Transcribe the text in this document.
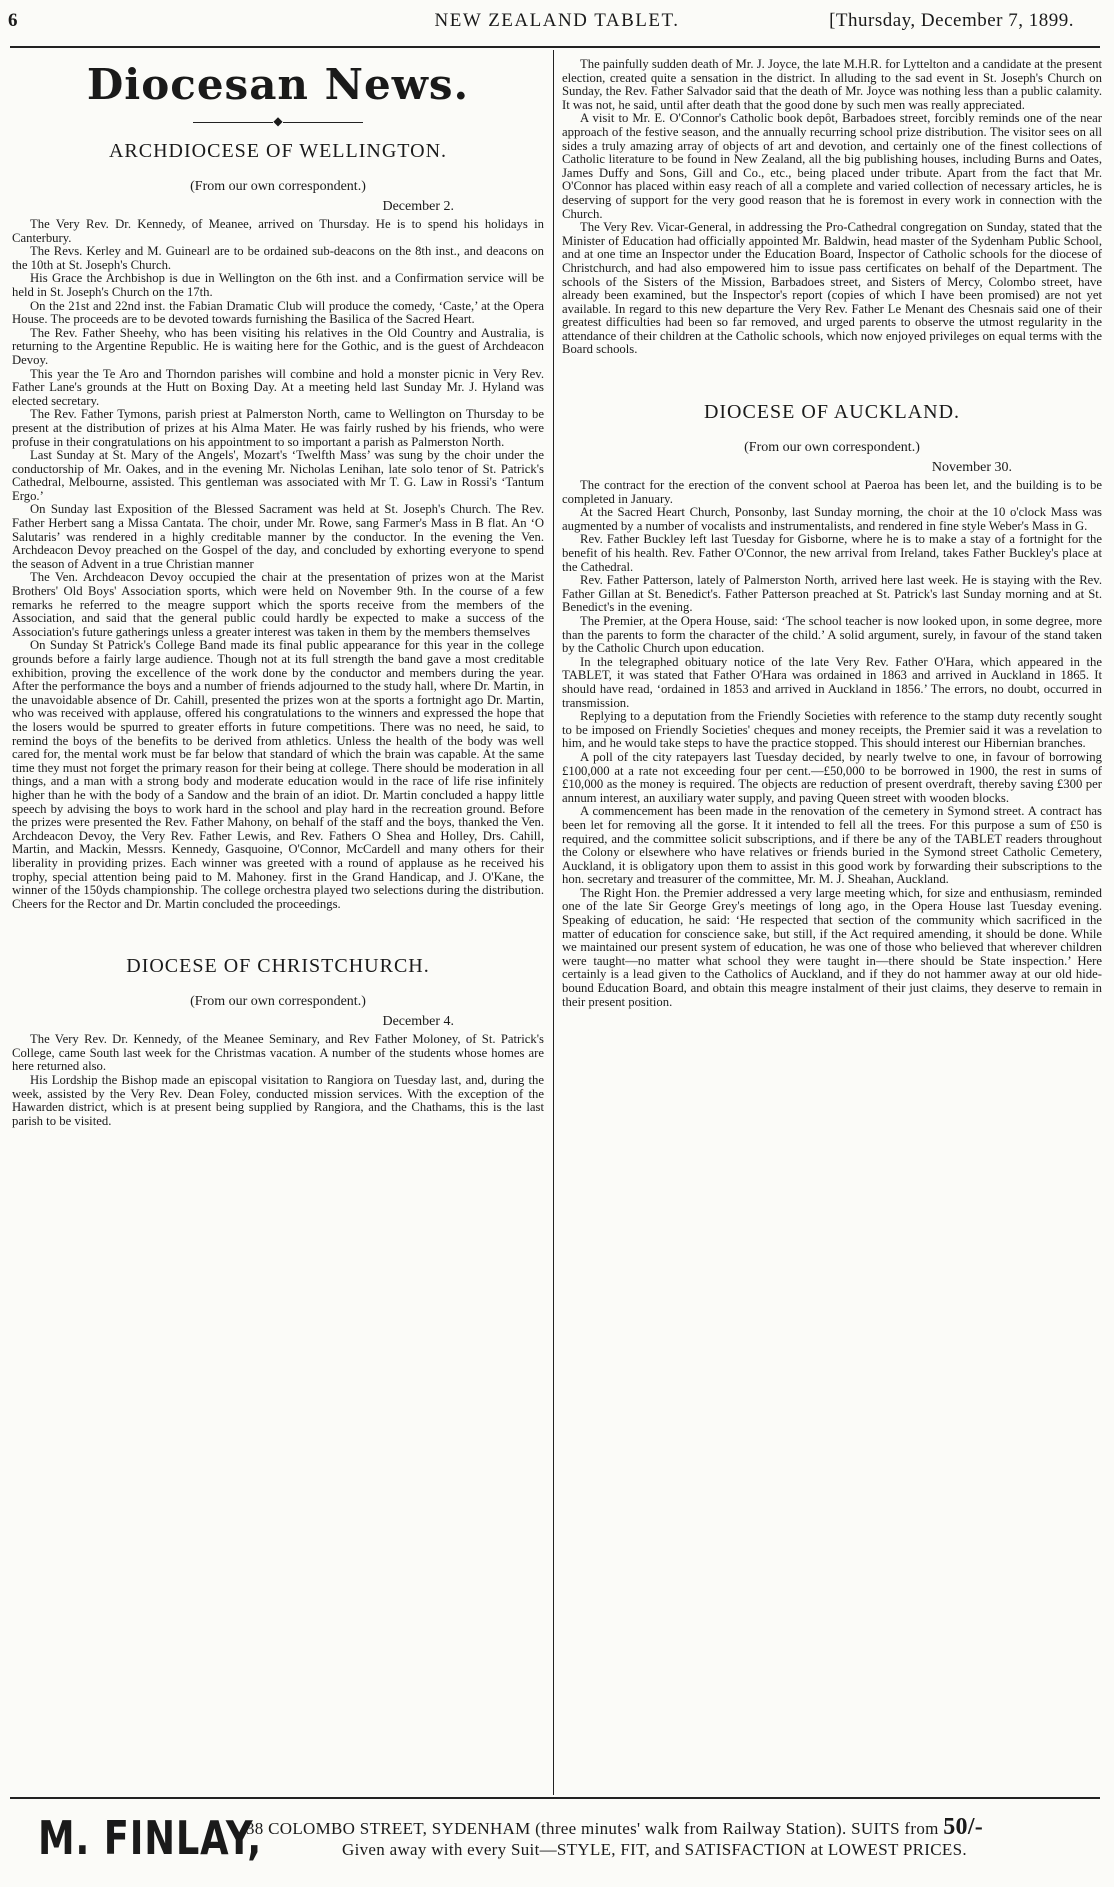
6	NEW ZEALAND TABLET.	[Thursday, December 7, 1899.
Diocesan News.
◆
ARCHDIOCESE OF WELLINGTON.
(From our own correspondent.)
December 2.

The Very Rev. Dr. Kennedy, of Meanee, arrived on Thursday. He is to spend his holidays in Canterbury.

The Revs. Kerley and M. Guinearl are to be ordained sub-deacons on the 8th inst., and deacons on the 10th at St. Joseph's Church.

His Grace the Archbishop is due in Wellington on the 6th inst. and a Confirmation service will be held in St. Joseph's Church on the 17th.

On the 21st and 22nd inst. the Fabian Dramatic Club will produce the comedy, ‘Caste,’ at the Opera House. The proceeds are to be devoted towards furnishing the Basilica of the Sacred Heart.

The Rev. Father Sheehy, who has been visiting his relatives in the Old Country and Australia, is returning to the Argentine Republic. He is waiting here for the Gothic, and is the guest of Archdeacon Devoy.

This year the Te Aro and Thorndon parishes will combine and hold a monster picnic in Very Rev. Father Lane's grounds at the Hutt on Boxing Day. At a meeting held last Sunday Mr. J. Hyland was elected secretary.

The Rev. Father Tymons, parish priest at Palmerston North, came to Wellington on Thursday to be present at the distribution of prizes at his Alma Mater. He was fairly rushed by his friends, who were profuse in their congratulations on his appointment to so important a parish as Palmerston North.

Last Sunday at St. Mary of the Angels', Mozart's ‘Twelfth Mass’ was sung by the choir under the conductorship of Mr. Oakes, and in the evening Mr. Nicholas Lenihan, late solo tenor of St. Patrick's Cathedral, Melbourne, assisted. This gentleman was associated with Mr T. G. Law in Rossi's ‘Tantum Ergo.’

On Sunday last Exposition of the Blessed Sacrament was held at St. Joseph's Church. The Rev. Father Herbert sang a Missa Cantata. The choir, under Mr. Rowe, sang Farmer's Mass in B flat. An ‘O Salutaris’ was rendered in a highly creditable manner by the conductor. In the evening the Ven. Archdeacon Devoy preached on the Gospel of the day, and concluded by exhorting everyone to spend the season of Advent in a true Christian manner

The Ven. Archdeacon Devoy occupied the chair at the presentation of prizes won at the Marist Brothers' Old Boys' Association sports, which were held on November 9th. In the course of a few remarks he referred to the meagre support which the sports receive from the members of the Association, and said that the general public could hardly be expected to make a success of the Association's future gatherings unless a greater interest was taken in them by the members themselves

On Sunday St Patrick's College Band made its final public appearance for this year in the college grounds before a fairly large audience. Though not at its full strength the band gave a most creditable exhibition, proving the excellence of the work done by the conductor and members during the year. After the performance the boys and a number of friends adjourned to the study hall, where Dr. Martin, in the unavoidable absence of Dr. Cahill, presented the prizes won at the sports a fortnight ago Dr. Martin, who was received with applause, offered his congratulations to the winners and expressed the hope that the losers would be spurred to greater efforts in future competitions. There was no need, he said, to remind the boys of the benefits to be derived from athletics. Unless the health of the body was well cared for, the mental work must be far below that standard of which the brain was capable. At the same time they must not forget the primary reason for their being at college. There should be moderation in all things, and a man with a strong body and moderate education would in the race of life rise infinitely higher than he with the body of a Sandow and the brain of an idiot. Dr. Martin concluded a happy little speech by advising the boys to work hard in the school and play hard in the recreation ground. Before the prizes were presented the Rev. Father Mahony, on behalf of the staff and the boys, thanked the Ven. Archdeacon Devoy, the Very Rev. Father Lewis, and Rev. Fathers O Shea and Holley, Drs. Cahill, Martin, and Mackin, Messrs. Kennedy, Gasquoine, O'Connor, McCardell and many others for their liberality in providing prizes. Each winner was greeted with a round of applause as he received his trophy, special attention being paid to M. Mahoney. first in the Grand Handicap, and J. O'Kane, the winner of the 150yds championship. The college orchestra played two selections during the distribution. Cheers for the Rector and Dr. Martin concluded the proceedings.

DIOCESE OF CHRISTCHURCH.
(From our own correspondent.)
December 4.

The Very Rev. Dr. Kennedy, of the Meanee Seminary, and Rev Father Moloney, of St. Patrick's College, came South last week for the Christmas vacation. A number of the students whose homes are here returned also.

His Lordship the Bishop made an episcopal visitation to Rangiora on Tuesday last, and, during the week, assisted by the Very Rev. Dean Foley, conducted mission services. With the exception of the Hawarden district, which is at present being supplied by Rangiora, and the Chathams, this is the last parish to be visited.

The painfully sudden death of Mr. J. Joyce, the late M.H.R. for Lyttelton and a candidate at the present election, created quite a sensation in the district. In alluding to the sad event in St. Joseph's Church on Sunday, the Rev. Father Salvador said that the death of Mr. Joyce was nothing less than a public calamity. It was not, he said, until after death that the good done by such men was really appreciated.

A visit to Mr. E. O'Connor's Catholic book depôt, Barbadoes street, forcibly reminds one of the near approach of the festive season, and the annually recurring school prize distribution. The visitor sees on all sides a truly amazing array of objects of art and devotion, and certainly one of the finest collections of Catholic literature to be found in New Zealand, all the big publishing houses, including Burns and Oates, James Duffy and Sons, Gill and Co., etc., being placed under tribute. Apart from the fact that Mr. O'Connor has placed within easy reach of all a complete and varied collection of necessary articles, he is deserving of support for the very good reason that he is foremost in every work in connection with the Church.

The Very Rev. Vicar-General, in addressing the Pro-Cathedral congregation on Sunday, stated that the Minister of Education had officially appointed Mr. Baldwin, head master of the Sydenham Public School, and at one time an Inspector under the Education Board, Inspector of Catholic schools for the diocese of Christchurch, and had also empowered him to issue pass certificates on behalf of the Department. The schools of the Sisters of the Mission, Barbadoes street, and Sisters of Mercy, Colombo street, have already been examined, but the Inspector's report (copies of which I have been promised) are not yet available. In regard to this new departure the Very Rev. Father Le Menant des Chesnais said one of their greatest difficulties had been so far removed, and urged parents to observe the utmost regularity in the attendance of their children at the Catholic schools, which now enjoyed privileges on equal terms with the Board schools.

DIOCESE OF AUCKLAND.
(From our own correspondent.)
November 30.

The contract for the erection of the convent school at Paeroa has been let, and the building is to be completed in January.

At the Sacred Heart Church, Ponsonby, last Sunday morning, the choir at the 10 o'clock Mass was augmented by a number of vocalists and instrumentalists, and rendered in fine style Weber's Mass in G.

Rev. Father Buckley left last Tuesday for Gisborne, where he is to make a stay of a fortnight for the benefit of his health. Rev. Father O'Connor, the new arrival from Ireland, takes Father Buckley's place at the Cathedral.

Rev. Father Patterson, lately of Palmerston North, arrived here last week. He is staying with the Rev. Father Gillan at St. Benedict's. Father Patterson preached at St. Patrick's last Sunday morning and at St. Benedict's in the evening.

The Premier, at the Opera House, said: ‘The school teacher is now looked upon, in some degree, more than the parents to form the character of the child.’ A solid argument, surely, in favour of the stand taken by the Catholic Church upon education.

In the telegraphed obituary notice of the late Very Rev. Father O'Hara, which appeared in the TABLET, it was stated that Father O'Hara was ordained in 1863 and arrived in Auckland in 1865. It should have read, ‘ordained in 1853 and arrived in Auckland in 1856.’ The errors, no doubt, occurred in transmission.

Replying to a deputation from the Friendly Societies with reference to the stamp duty recently sought to be imposed on Friendly Societies' cheques and money receipts, the Premier said it was a revelation to him, and he would take steps to have the practice stopped. This should interest our Hibernian branches.

A poll of the city ratepayers last Tuesday decided, by nearly twelve to one, in favour of borrowing £100,000 at a rate not exceeding four per cent.—£50,000 to be borrowed in 1900, the rest in sums of £10,000 as the money is required. The objects are reduction of present overdraft, thereby saving £300 per annum interest, an auxiliary water supply, and paving Queen street with wooden blocks.

A commencement has been made in the renovation of the cemetery in Symond street. A contract has been let for removing all the gorse. It it intended to fell all the trees. For this purpose a sum of £50 is required, and the committee solicit subscriptions, and if there be any of the TABLET readers throughout the Colony or elsewhere who have relatives or friends buried in the Symond street Catholic Cemetery, Auckland, it is obligatory upon them to assist in this good work by forwarding their subscriptions to the hon. secretary and treasurer of the committee, Mr. M. J. Sheahan, Auckland.

The Right Hon. the Premier addressed a very large meeting which, for size and enthusiasm, reminded one of the late Sir George Grey's meetings of long ago, in the Opera House last Tuesday evening. Speaking of education, he said: ‘He respected that section of the community which sacrificed in the matter of education for conscience sake, but still, if the Act required amending, it should be done. While we maintained our present system of education, he was one of those who believed that wherever children were taught—no matter what school they were taught in—there should be State inspection.’ Here certainly is a lead given to the Catholics of Auckland, and if they do not hammer away at our old hide-bound Education Board, and obtain this meagre instalment of their just claims, they deserve to remain in their present position.

M. FINLAY,
38 COLOMBO STREET, SYDENHAM (three minutes' walk from Railway Station). SUITS from 50/-
Given away with every Suit—STYLE, FIT, and SATISFACTION at LOWEST PRICES.
